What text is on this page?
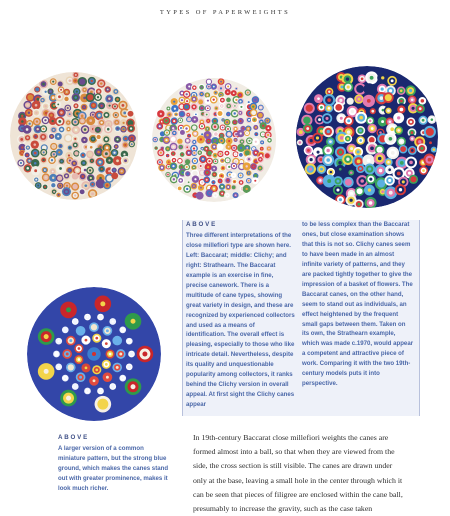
TYPES OF PAPERWEIGHTS
ABOVE
Three different interpretations of the close millefiori type are shown here. Left: Baccarat; middle: Clichy; and right: Strathearn. The Baccarat example is an exercise in fine, precise canework. There is a multitude of cane types, showing great variety in design, and these are recognized by experienced collectors and used as a means of identification. The overall effect is pleasing, especially to those who like intricate detail. Nevertheless, despite its quality and unquestionable popularity among collectors, it ranks behind the Clichy version in overall appeal. At first sight the Clichy canes appear
to be less complex than the Baccarat ones, but close examination shows that this is not so. Clichy canes seem to have been made in an almost infinite variety of patterns, and they are packed tightly together to give the impression of a basket of flowers. The Baccarat canes, on the other hand, seem to stand out as individuals, an effect heightened by the frequent small gaps between them. Taken on its own, the Strathearn example, which was made c.1970, would appear a competent and attractive piece of work. Comparing it with the two 19th-century models puts it into perspective.
ABOVE
A larger version of a common miniature pattern, but the strong blue ground, which makes the canes stand out with greater prominence, makes it look much richer.

In 19th-century Baccarat close millefiori weights the canes are formed almost into a ball, so that when they are viewed from the side, the cross section is still visible. The canes are drawn under only at the base, leaving a small hole in the center through which it can be seen that pieces of filigree are enclosed within the cane ball, presumably to increase the gravity, such as the case taken
